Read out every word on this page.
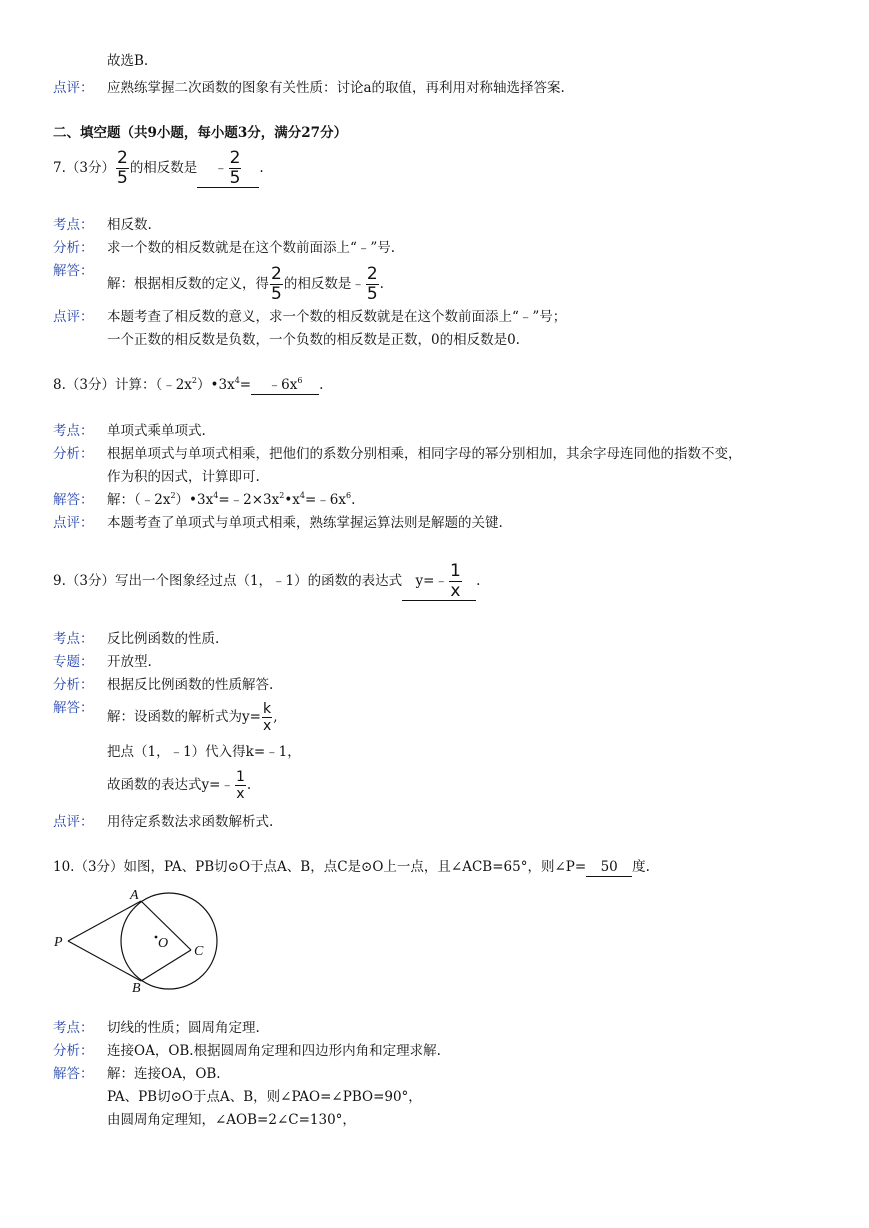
故选B.
点评： 应熟练掌握二次函数的图象有关性质：讨论a的取值，再利用对称轴选择答案.
二、填空题（共9小题，每小题3分，满分27分）
7.（3分） $\frac{2}{5}$ 的相反数是 ﹣ $\frac{2}{5}$ .
考点： 相反数.
分析： 求一个数的相反数就是在这个数前面添上“﹣”号.
解答：
解：根据相反数的定义，得 $\frac{2}{5}$ 的相反数是﹣ $\frac{2}{5}$ .
点评： 本题考查了相反数的意义，求一个数的相反数就是在这个数前面添上“﹣”号；
一个正数的相反数是负数，一个负数的相反数是正数，0的相反数是0.
8.（3分）计算：$(﹣2x^2)•3x^4=$ $﹣6x^6$ .
考点： 单项式乘单项式.
分析： 根据单项式与单项式相乘，把他们的系数分别相乘，相同字母的幂分别相加，其余字母连同他的指数不变，
作为积的因式，计算即可.
解答： 解：$(﹣2x^2)•3x^4=﹣2\times 3x^2•x^4=﹣6x^6$.
点评： 本题考查了单项式与单项式相乘，熟练掌握运算法则是解题的关键.
9.（3分）写出一个图象经过点（1，﹣1）的函数的表达式 y=﹣ $\frac{1}{x}$ .
考点： 反比例函数的性质.
专题： 开放型.
分析： 根据反比例函数的性质解答.
解答：
解：设函数的解析式为$y= \frac{k}{x}$ ,
把点（1，﹣1）代入得k=﹣1，
故函数的表达式y=﹣ $\frac{1}{x}$ .
点评： 用待定系数法求函数解析式.
10.（3分）如图，PA、PB切⊙O于点A、B，点C是⊙O上一点，且∠ACB=65°，则∠P= 50 度.
A
P	O
C
B
考点： 切线的性质；圆周角定理.
分析： 连接OA，OB.根据圆周角定理和四边形内角和定理求解.
解答： 解：连接OA，OB.
PA、PB切⊙O于点A、B，则∠PAO=∠PBO=90°，
由圆周角定理知，∠AOB=2∠C=130°，
